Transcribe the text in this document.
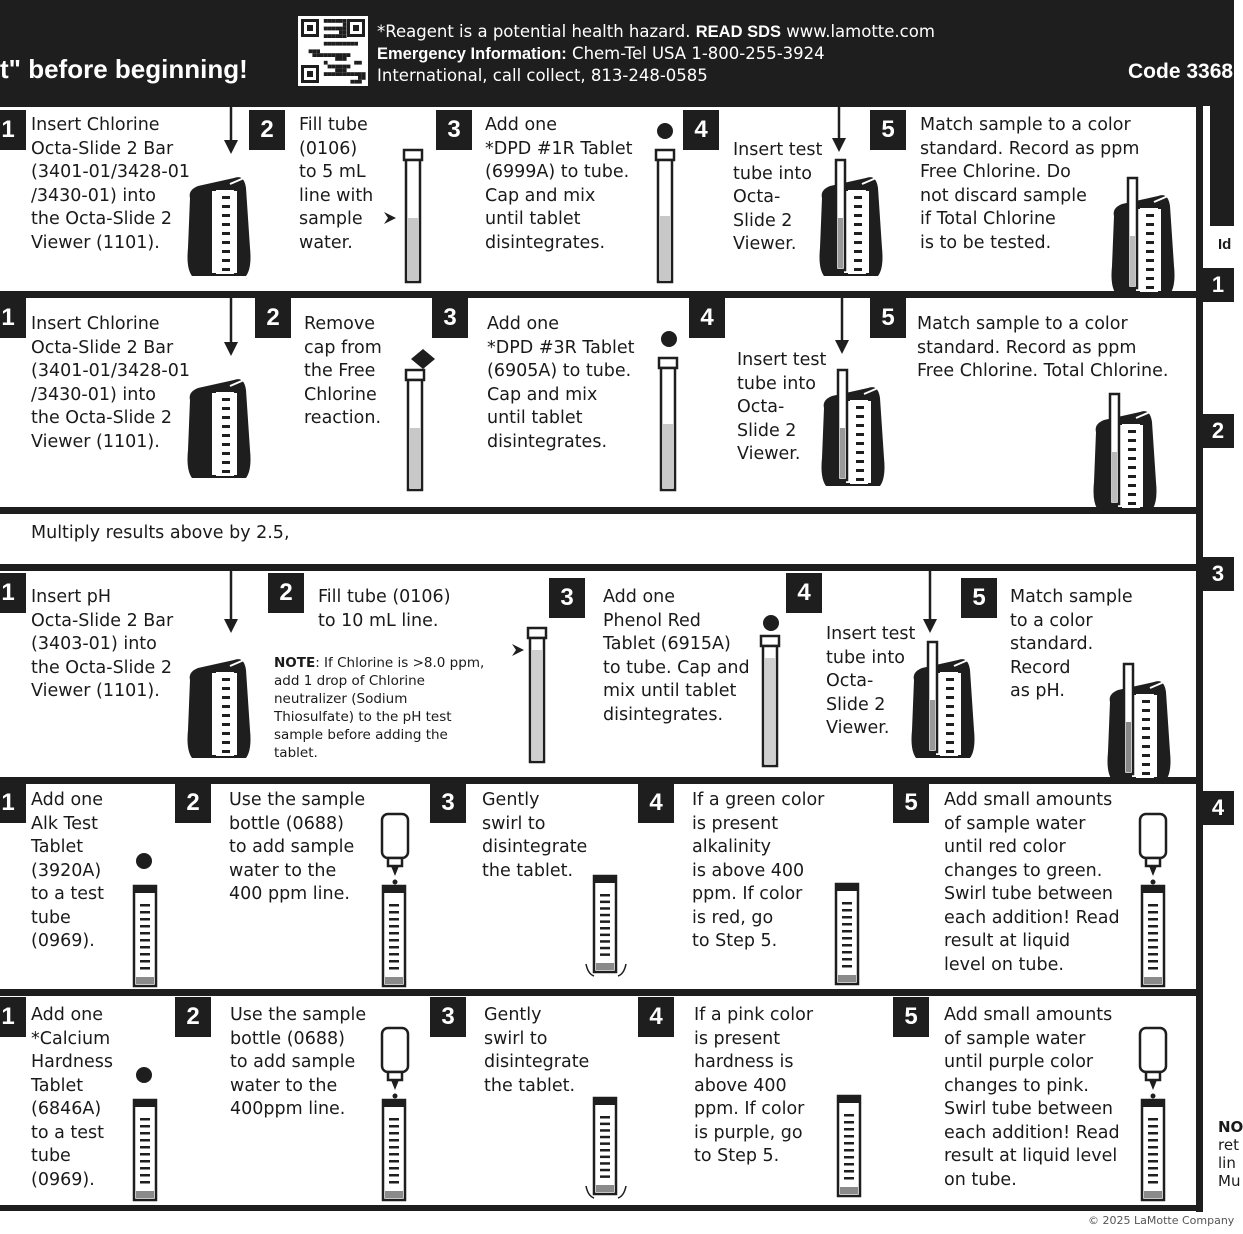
t" before beginning!
*Reagent is a potential health hazard. READ SDS www.lamotte.com
Emergency Information: Chem-Tel USA 1-800-255-3924
International, call collect, 813-248-0585	Code 3368
Id
1
2
3
4
NO
ret
lin
Mu
© 2025 LaMotte Company
Multiply results above by 2.5,
1 Insert Chlorine
Octa-Slide 2 Bar
(3401-01/3428-01
/3430-01) into
the Octa-Slide 2
Viewer (1101).
2	Fill tube
(0106)
to 5 mL
line with
sample
water.
3	Add one
*DPD #1R Tablet
(6999A) to tube.
Cap and mix
until tablet
disintegrates.
4
Insert test
tube into
Octa-
Slide 2
Viewer.
5	Match sample to a color
standard. Record as ppm
Free Chlorine. Do
not discard sample
if Total Chlorine
is to be tested.
1 Insert Chlorine
Octa-Slide 2 Bar
(3401-01/3428-01
/3430-01) into
the Octa-Slide 2
Viewer (1101).
2	Remove
cap from
the Free
Chlorine
reaction.
3	Add one
*DPD #3R Tablet
(6905A) to tube.
Cap and mix
until tablet
disintegrates.
4
Insert test
tube into
Octa-
Slide 2
Viewer.
5	Match sample to a color
standard. Record as ppm
Free Chlorine. Total Chlorine.
1 Insert pH
Octa-Slide 2 Bar
(3403-01) into
the Octa-Slide 2
Viewer (1101).
2	Fill tube (0106)
to 10 mL line.
3	Add one
Phenol Red
Tablet (6915A)
to tube. Cap and
mix until tablet
disintegrates.
4
Insert test
tube into
Octa-
Slide 2
Viewer.
5	Match sample
to a color
standard.
Record
as pH.
1 Add one
Alk Test
Tablet
(3920A)
to a test
tube
(0969).
2	Use the sample
bottle (0688)
to add sample
water to the
400 ppm line.
3	Gently
swirl to
disintegrate
the tablet.
4	If a green color
is present
alkalinity
is above 400
ppm. If color
is red, go
to Step 5.
5	Add small amounts
of sample water
until red color
changes to green.
Swirl tube between
each addition! Read
result at liquid
level on tube.
1 Add one
*Calcium
Hardness
Tablet
(6846A)
to a test
tube
(0969).
2	Use the sample
bottle (0688)
to add sample
water to the
400ppm line.
3	Gently
swirl to
disintegrate
the tablet.
4	If a pink color
is present
hardness is
above 400
ppm. If color
is purple, go
to Step 5.
5	Add small amounts
of sample water
until purple color
changes to pink.
Swirl tube between
each addition! Read
result at liquid level
on tube.
NOTE: If Chlorine is >8.0 ppm,
add 1 drop of Chlorine
neutralizer (Sodium
Thiosulfate) to the pH test
sample before adding the
tablet.
